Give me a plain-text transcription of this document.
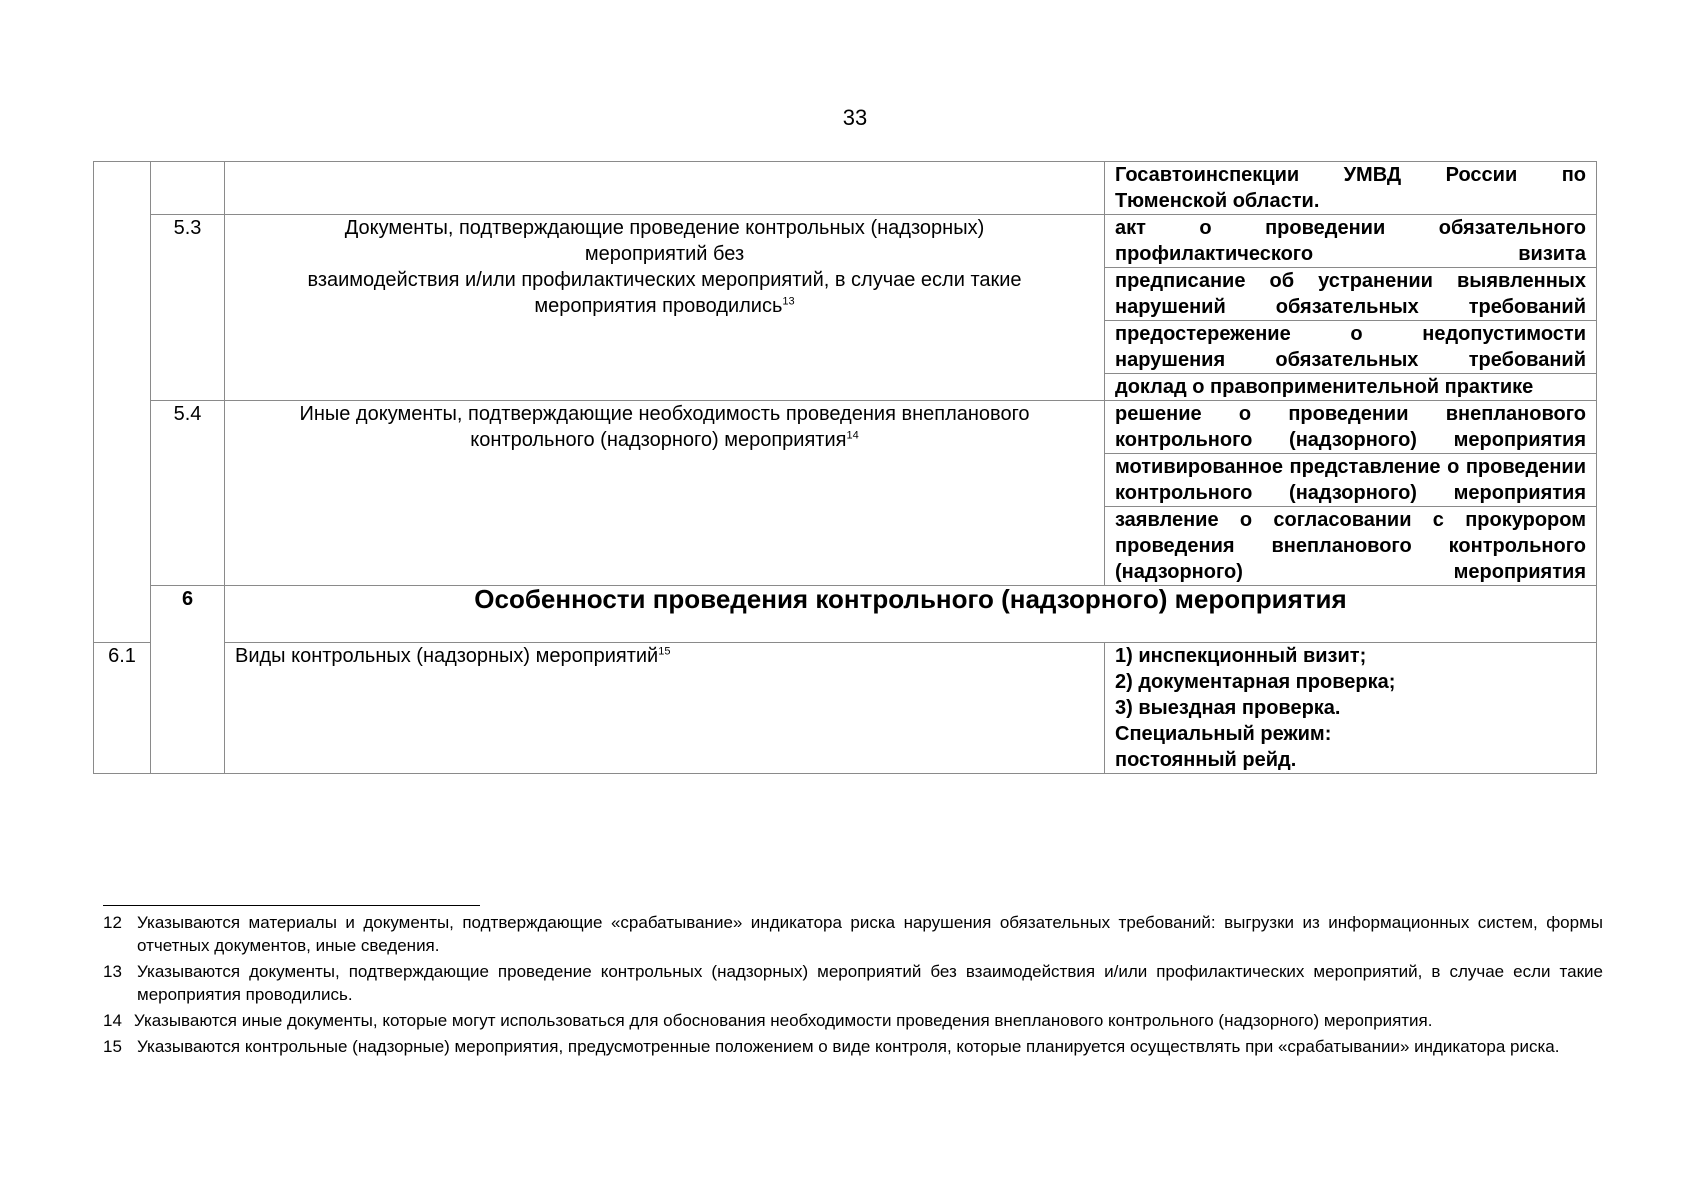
33
			Госавтоинспекции УМВД России по Тюменской области.
	5.3	Документы, подтверждающие проведение контрольных (надзорных)
мероприятий без
взаимодействия и/или профилактических мероприятий, в случае если такие
мероприятия проводились$^{13}$	акт о проведении обязательного профилактического визита
			предписание об устранении выявленных нарушений обязательных требований
			предостережение о недопустимости нарушения обязательных требований
			доклад о правоприменительной практике
	5.4	Иные документы, подтверждающие необходимость проведения внепланового
контрольного (надзорного) мероприятия$^{14}$	решение о проведении внепланового контрольного (надзорного) мероприятия
			мотивированное представление о проведении контрольного (надзорного) мероприятия
			заявление о согласовании с прокурором проведения внепланового контрольного (надзорного) мероприятия
	6	Особенности проведения контрольного (надзорного) мероприятия	
6.1		Виды контрольных (надзорных) мероприятий$^{15}$	1) инспекционный визит;
2) документарная проверка;
3) выездная проверка.
Специальный режим:
постоянный рейд.
12 Указываются материалы и документы, подтверждающие «срабатывание» индикатора риска нарушения обязательных требований: выгрузки из информационных систем, формы отчетных документов, иные сведения.
13 Указываются документы, подтверждающие проведение контрольных (надзорных) мероприятий без взаимодействия и/или профилактических мероприятий, в случае если такие мероприятия проводились.
14 Указываются иные документы, которые могут использоваться для обоснования необходимости проведения внепланового контрольного (надзорного) мероприятия.
15 Указываются контрольные (надзорные) мероприятия, предусмотренные положением о виде контроля, которые планируется осуществлять при «срабатывании» индикатора риска.
